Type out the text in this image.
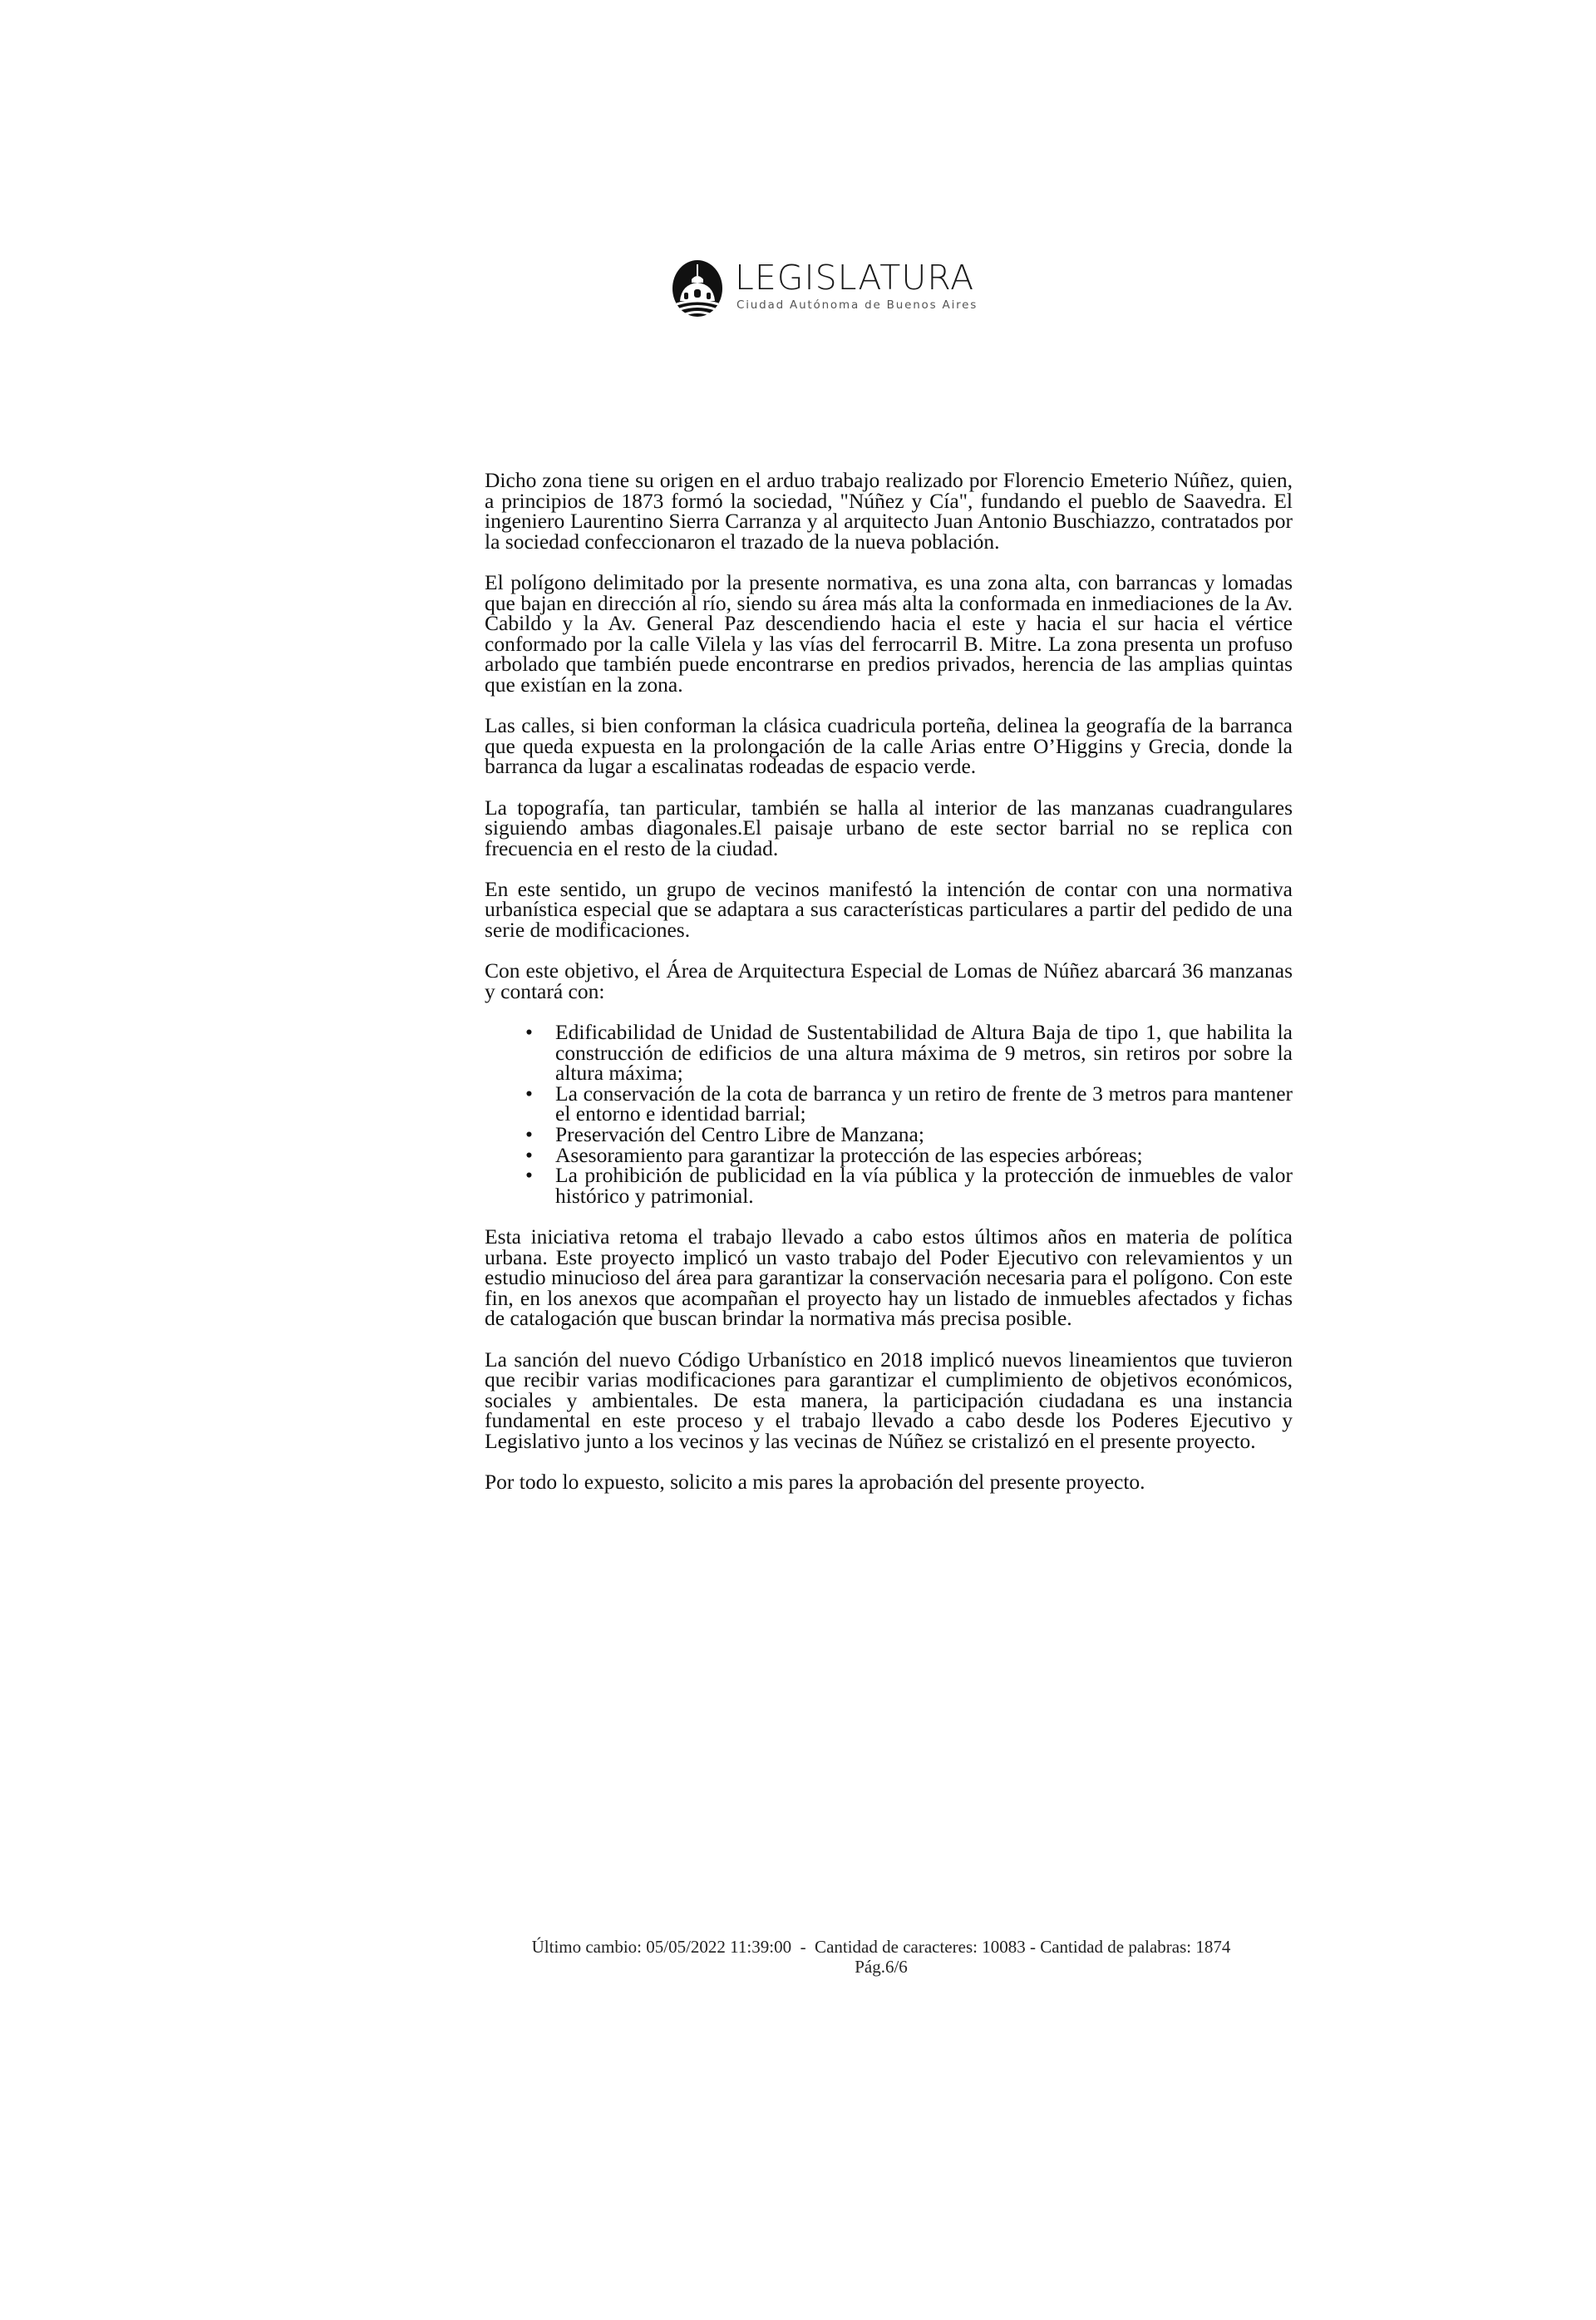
LEGISLATURA
Ciudad Autónoma de Buenos Aires

Dicho zona tiene su origen en el arduo trabajo realizado por Florencio Emeterio Núñez, quien, a principios de 1873 formó la sociedad, "Núñez y Cía", fundando el pueblo de Saavedra. El ingeniero Laurentino Sierra Carranza y al arquitecto Juan Antonio Buschiazzo, contratados por la sociedad confeccionaron el trazado de la nueva población.

El polígono delimitado por la presente normativa, es una zona alta, con barrancas y lomadas que bajan en dirección al río, siendo su área más alta la conformada en inmediaciones de la Av. Cabildo y la Av. General Paz descendiendo hacia el este y hacia el sur hacia el vértice conformado por la calle Vilela y las vías del ferrocarril B. Mitre. La zona presenta un profuso arbolado que también puede encontrarse en predios privados, herencia de las amplias quintas que existían en la zona.

Las calles, si bien conforman la clásica cuadricula porteña, delinea la geografía de la barranca que queda expuesta en la prolongación de la calle Arias entre O’Higgins y Grecia, donde la barranca da lugar a escalinatas rodeadas de espacio verde.

La topografía, tan particular, también se halla al interior de las manzanas cuadrangulares siguiendo ambas diagonales.El paisaje urbano de este sector barrial no se replica con frecuencia en el resto de la ciudad.

En este sentido, un grupo de vecinos manifestó la intención de contar con una normativa urbanística especial que se adaptara a sus características particulares a partir del pedido de una serie de modificaciones.

Con este objetivo, el Área de Arquitectura Especial de Lomas de Núñez abarcará 36 manzanas y contará con:

• Edificabilidad de Unidad de Sustentabilidad de Altura Baja de tipo 1, que habilita la construcción de edificios de una altura máxima de 9 metros, sin retiros por sobre la altura máxima;
• La conservación de la cota de barranca y un retiro de frente de 3 metros para mantener el entorno e identidad barrial;
• Preservación del Centro Libre de Manzana;
• Asesoramiento para garantizar la protección de las especies arbóreas;
• La prohibición de publicidad en la vía pública y la protección de inmuebles de valor histórico y patrimonial.

Esta iniciativa retoma el trabajo llevado a cabo estos últimos años en materia de política urbana. Este proyecto implicó un vasto trabajo del Poder Ejecutivo con relevamientos y un estudio minucioso del área para garantizar la conservación necesaria para el polígono. Con este fin, en los anexos que acompañan el proyecto hay un listado de inmuebles afectados y fichas de catalogación que buscan brindar la normativa más precisa posible.

La sanción del nuevo Código Urbanístico en 2018 implicó nuevos lineamientos que tuvieron que recibir varias modificaciones para garantizar el cumplimiento de objetivos económicos, sociales y ambientales. De esta manera, la participación ciudadana es una instancia fundamental en este proceso y el trabajo llevado a cabo desde los Poderes Ejecutivo y Legislativo junto a los vecinos y las vecinas de Núñez se cristalizó en el presente proyecto.

Por todo lo expuesto, solicito a mis pares la aprobación del presente proyecto.

Último cambio: 05/05/2022 11:39:00  -  Cantidad de caracteres: 10083 - Cantidad de palabras: 1874
Pág.6/6
